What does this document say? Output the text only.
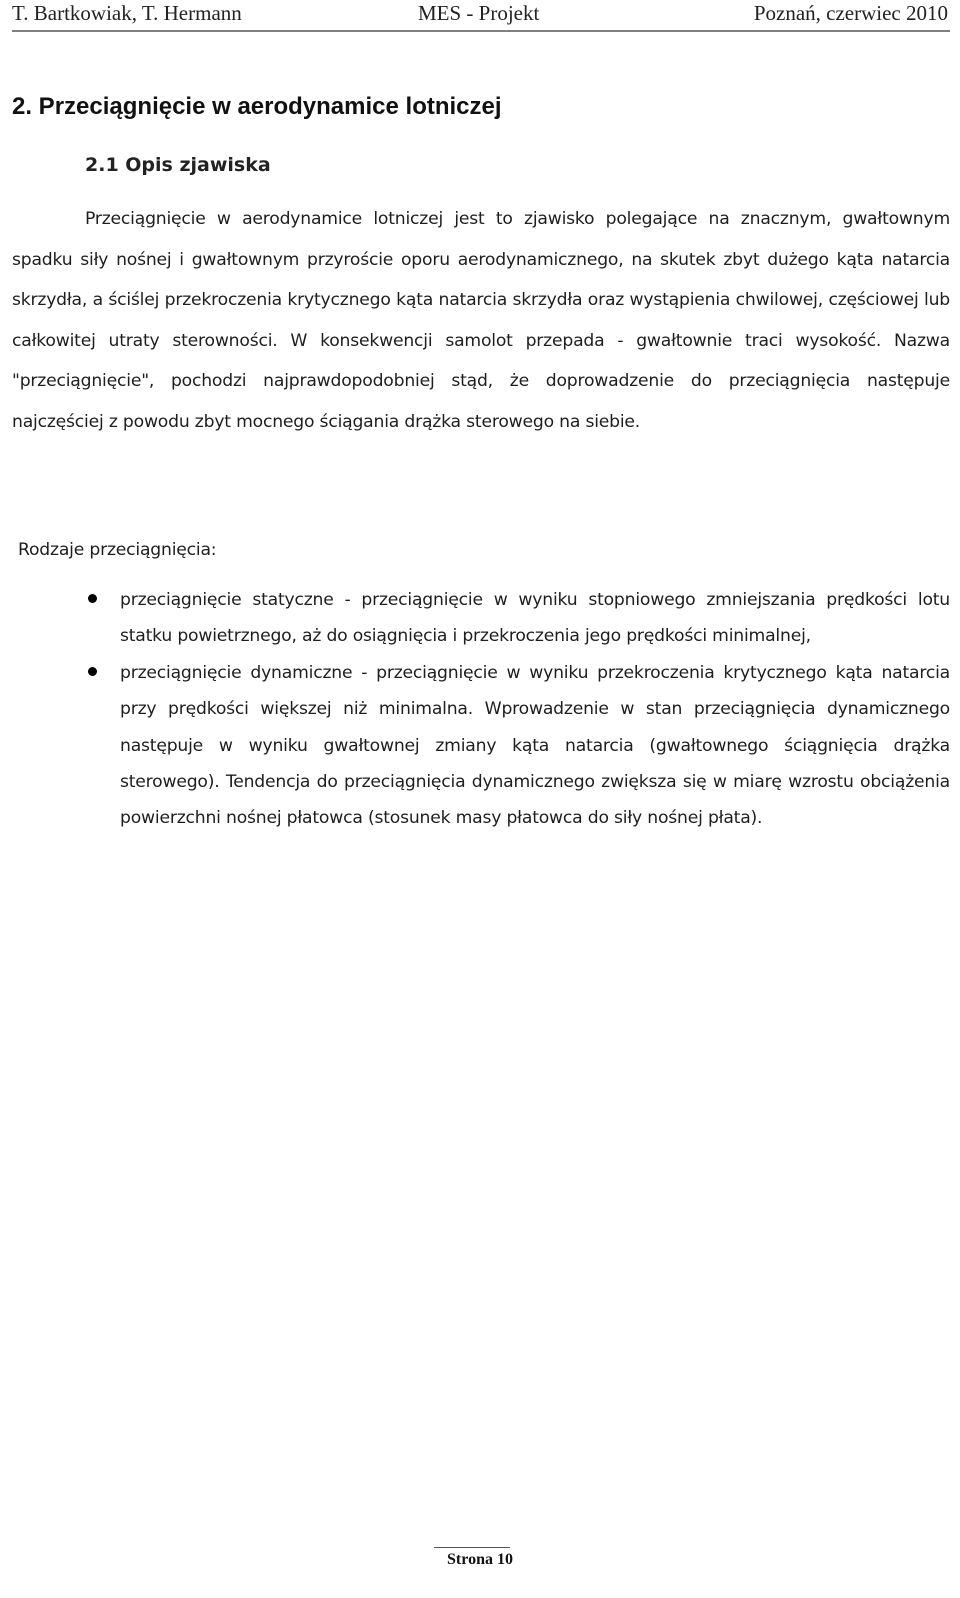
T. Bartkowiak, T. Hermann	MES - Projekt	Poznań, czerwiec 2010
2. Przeciągnięcie w aerodynamice lotniczej
2.1 Opis zjawiska

Przeciągnięcie w aerodynamice lotniczej jest to zjawisko polegające na znacznym, gwałtownym spadku siły nośnej i gwałtownym przyroście oporu aerodynamicznego, na skutek zbyt dużego kąta natarcia skrzydła, a ściślej przekroczenia krytycznego kąta natarcia skrzydła oraz wystąpienia chwilowej, częściowej lub całkowitej utraty sterowności. W konsekwencji samolot przepada - gwałtownie traci wysokość. Nazwa "przeciągnięcie", pochodzi najprawdopodobniej stąd, że doprowadzenie do przeciągnięcia następuje najczęściej z powodu zbyt mocnego ściągania drążka sterowego na siebie.

Rodzaje przeciągnięcia:

przeciągnięcie statyczne - przeciągnięcie w wyniku stopniowego zmniejszania prędkości lotu statku powietrznego, aż do osiągnięcia i przekroczenia jego prędkości minimalnej,
przeciągnięcie dynamiczne - przeciągnięcie w wyniku przekroczenia krytycznego kąta natarcia przy prędkości większej niż minimalna. Wprowadzenie w stan przeciągnięcia dynamicznego następuje w wyniku gwałtownej zmiany kąta natarcia (gwałtownego ściągnięcia drążka sterowego). Tendencja do przeciągnięcia dynamicznego zwiększa się w miarę wzrostu obciążenia powierzchni nośnej płatowca (stosunek masy płatowca do siły nośnej płata).
Strona 10
